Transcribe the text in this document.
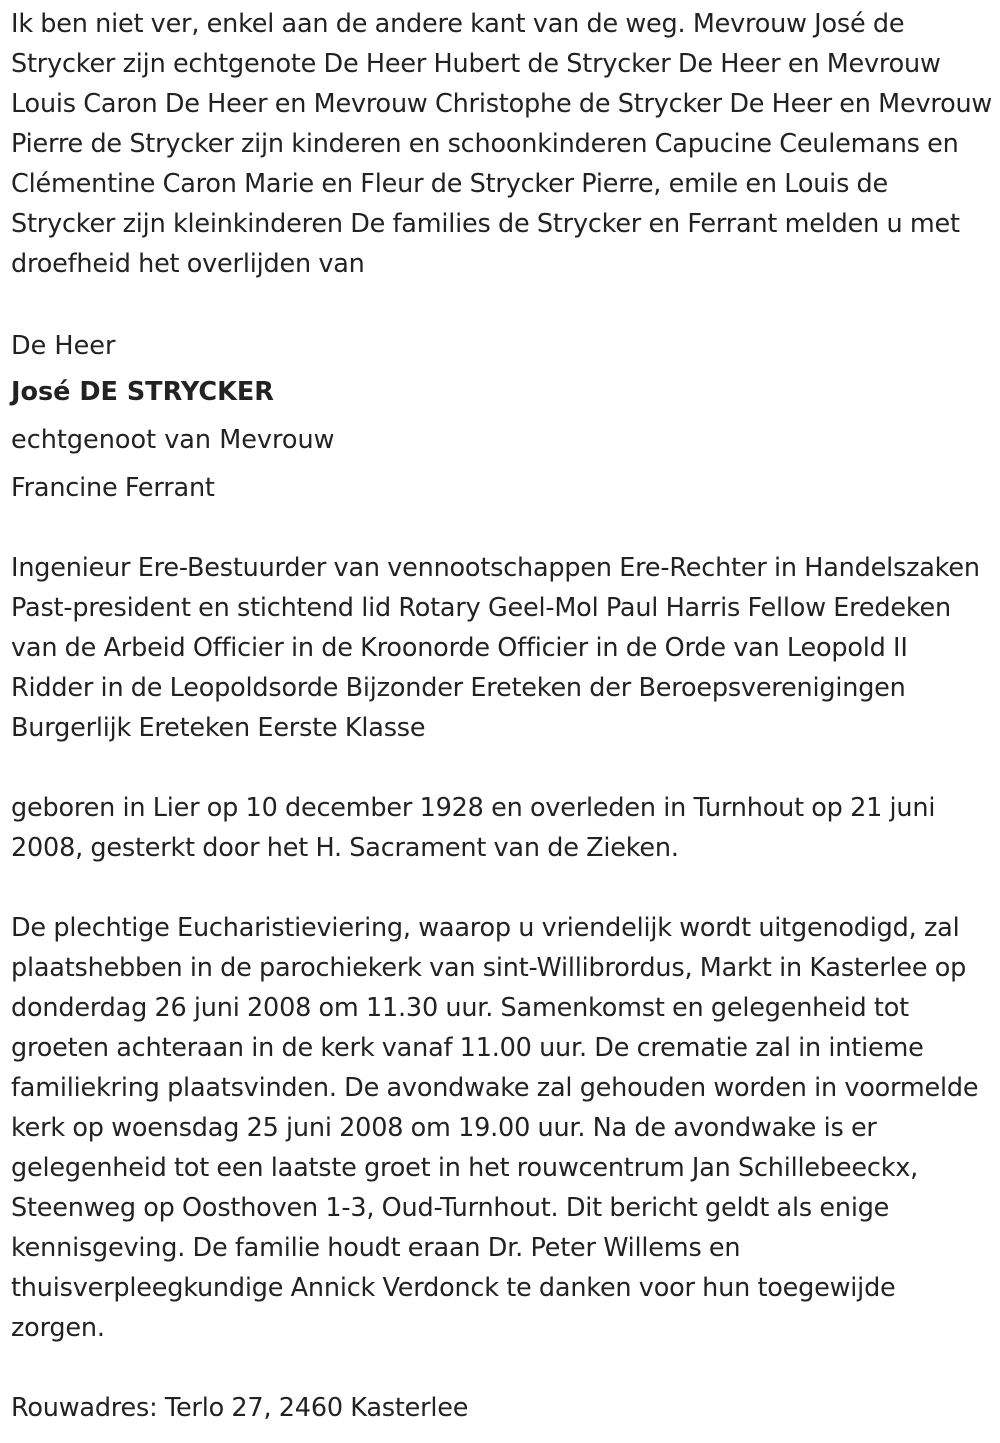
Ik ben niet ver, enkel aan de andere kant van de weg. Mevrouw José de Strycker zijn echtgenote De Heer Hubert de Strycker De Heer en Mevrouw Louis Caron De Heer en Mevrouw Christophe de Strycker De Heer en Mevrouw Pierre de Strycker zijn kinderen en schoonkinderen Capucine Ceulemans en Clémentine Caron Marie en Fleur de Strycker Pierre, emile en Louis de Strycker zijn kleinkinderen De families de Strycker en Ferrant melden u met droefheid het overlijden van

De Heer

José DE STRYCKER

echtgenoot van Mevrouw

Francine Ferrant

Ingenieur Ere-Bestuurder van vennootschappen Ere-Rechter in Handelszaken Past-president en stichtend lid Rotary Geel-Mol Paul Harris Fellow Eredeken van de Arbeid Officier in de Kroonorde Officier in de Orde van Leopold II Ridder in de Leopoldsorde Bijzonder Ereteken der Beroepsverenigingen Burgerlijk Ereteken Eerste Klasse

geboren in Lier op 10 december 1928 en overleden in Turnhout op 21 juni 2008, gesterkt door het H. Sacrament van de Zieken.

De plechtige Eucharistieviering, waarop u vriendelijk wordt uitgenodigd, zal plaatshebben in de parochiekerk van sint-Willibrordus, Markt in Kasterlee op donderdag 26 juni 2008 om 11.30 uur. Samenkomst en gelegenheid tot groeten achteraan in de kerk vanaf 11.00 uur. De crematie zal in intieme familiekring plaatsvinden. De avondwake zal gehouden worden in voormelde kerk op woensdag 25 juni 2008 om 19.00 uur. Na de avondwake is er gelegenheid tot een laatste groet in het rouwcentrum Jan Schillebeeckx, Steenweg op Oosthoven 1-3, Oud-Turnhout. Dit bericht geldt als enige kennisgeving. De familie houdt eraan Dr. Peter Willems en thuisverpleegkundige Annick Verdonck te danken voor hun toegewijde zorgen.

Rouwadres: Terlo 27, 2460 Kasterlee
